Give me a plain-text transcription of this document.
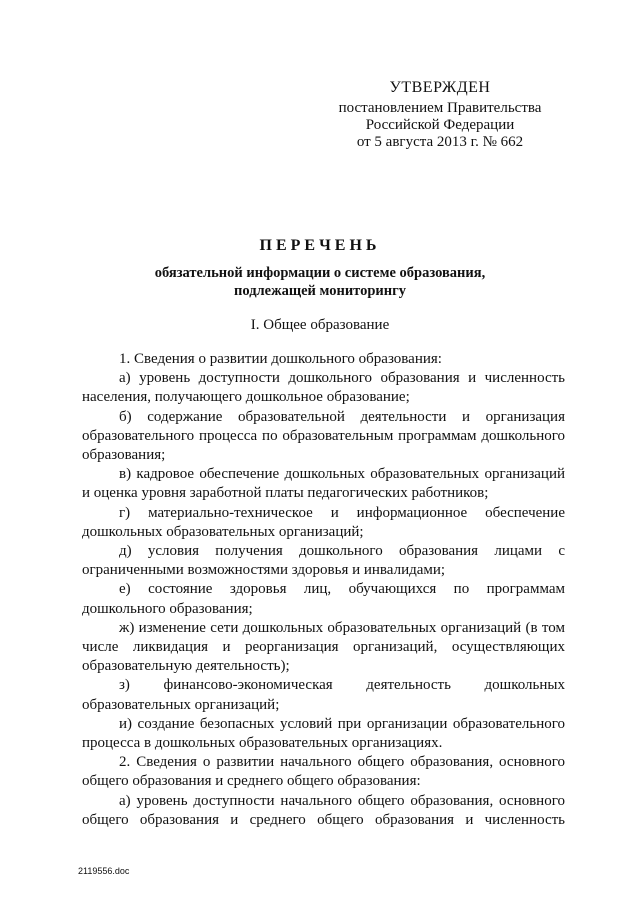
УТВЕРЖДЕН
постановлением Правительства
Российской Федерации
от 5 августа 2013 г. № 662
ПЕРЕЧЕНЬ
обязательной информации о системе образования,
подлежащей мониторингу
I. Общее образование

1. Сведения о развитии дошкольного образования:

а) уровень доступности дошкольного образования и численность населения, получающего дошкольное образование;

б) содержание образовательной деятельности и организация образовательного процесса по образовательным программам дошкольного образования;

в) кадровое обеспечение дошкольных образовательных организаций и оценка уровня заработной платы педагогических работников;

г) материально-техническое и информационное обеспечение дошкольных образовательных организаций;

д) условия получения дошкольного образования лицами с ограниченными возможностями здоровья и инвалидами;

е) состояние здоровья лиц, обучающихся по программам дошкольного образования;

ж) изменение сети дошкольных образовательных организаций (в том числе ликвидация и реорганизация организаций, осуществляющих образовательную деятельность);

з) финансово-экономическая деятельность дошкольных образовательных организаций;

и) создание безопасных условий при организации образовательного процесса в дошкольных образовательных организациях.

2. Сведения о развитии начального общего образования, основного общего образования и среднего общего образования:

а) уровень доступности начального общего образования, основного общего образования и среднего общего образования и численность

2119556.doc
